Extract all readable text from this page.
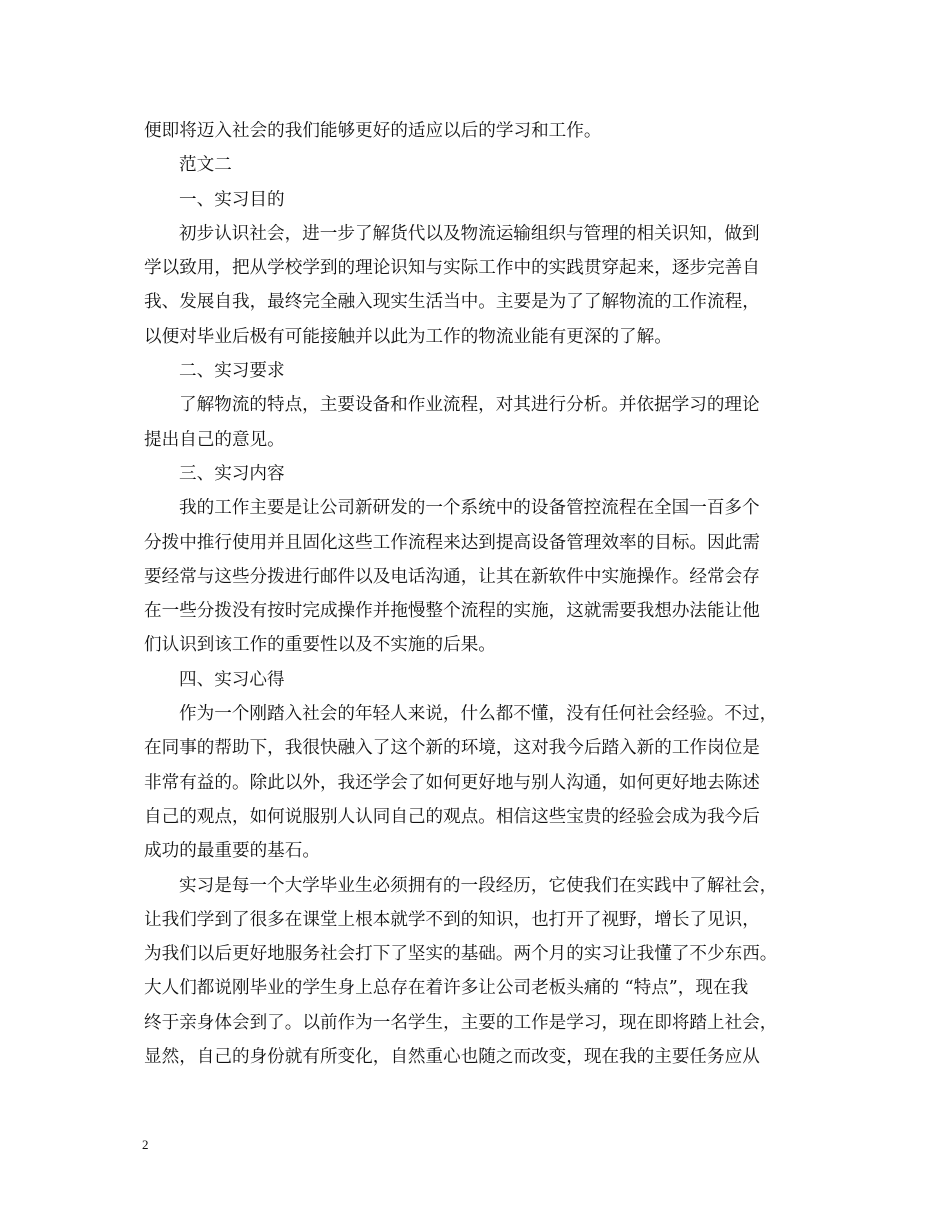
便即将迈入社会的我们能够更好的适应以后的学习和工作。
范文二
一、实习目的
初步认识社会，进一步了解货代以及物流运输组织与管理的相关识知，做到
学以致用，把从学校学到的理论识知与实际工作中的实践贯穿起来，逐步完善自
我、发展自我，最终完全融入现实生活当中。主要是为了了解物流的工作流程，
以便对毕业后极有可能接触并以此为工作的物流业能有更深的了解。
二、实习要求
了解物流的特点，主要设备和作业流程，对其进行分析。并依据学习的理论
提出自己的意见。
三、实习内容
我的工作主要是让公司新研发的一个系统中的设备管控流程在全国一百多个
分拨中推行使用并且固化这些工作流程来达到提高设备管理效率的目标。因此需
要经常与这些分拨进行邮件以及电话沟通，让其在新软件中实施操作。经常会存
在一些分拨没有按时完成操作并拖慢整个流程的实施，这就需要我想办法能让他
们认识到该工作的重要性以及不实施的后果。
四、实习心得
作为一个刚踏入社会的年轻人来说，什么都不懂，没有任何社会经验。不过，
在同事的帮助下，我很快融入了这个新的环境，这对我今后踏入新的工作岗位是
非常有益的。除此以外，我还学会了如何更好地与别人沟通，如何更好地去陈述
自己的观点，如何说服别人认同自己的观点。相信这些宝贵的经验会成为我今后
成功的最重要的基石。
实习是每一个大学毕业生必须拥有的一段经历，它使我们在实践中了解社会，
让我们学到了很多在课堂上根本就学不到的知识，也打开了视野，增长了见识，
为我们以后更好地服务社会打下了坚实的基础。两个月的实习让我懂了不少东西。
大人们都说刚毕业的学生身上总存在着许多让公司老板头痛的 “特点”，现在我
终于亲身体会到了。以前作为一名学生，主要的工作是学习，现在即将踏上社会，
显然，自己的身份就有所变化，自然重心也随之而改变，现在我的主要任务应从
2
